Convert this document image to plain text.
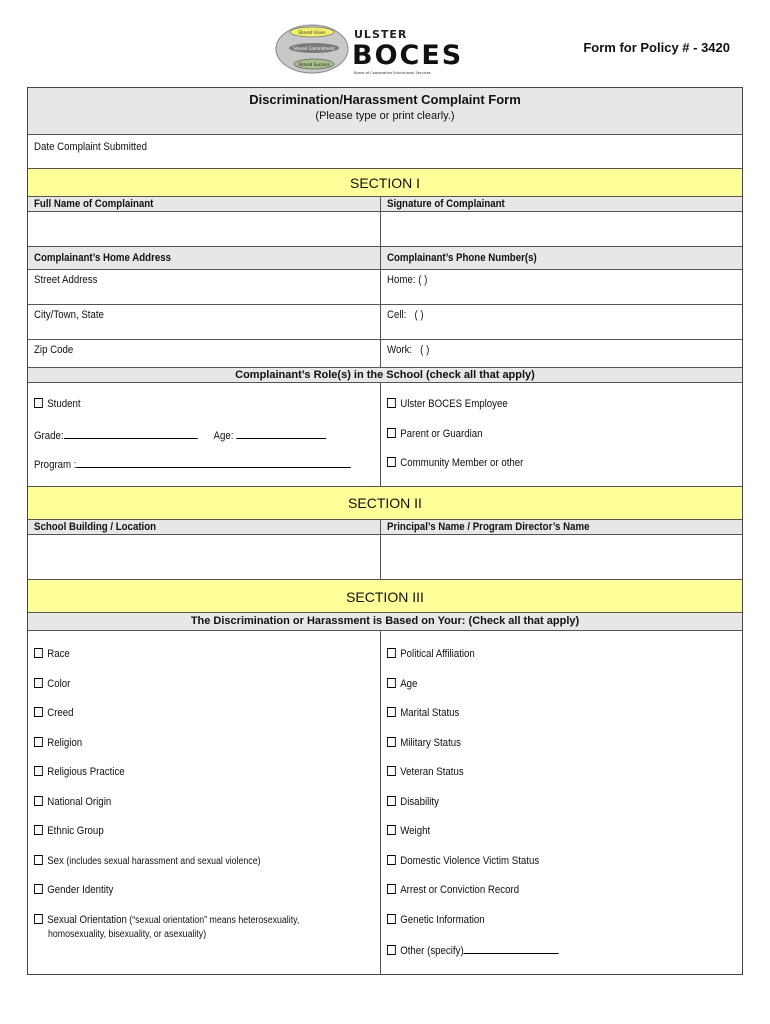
Shared Vision
Shared Commitment
Shared Success
ULSTER
BOCES
Board of Cooperative Educational Services
Form for Policy # - 3420
Discrimination/Harassment Complaint Form
(Please type or print clearly.)
Date Complaint Submitted
SECTION I
Full Name of Complainant	Signature of Complainant
Complainant’s Home Address	Complainant’s Phone Number(s)
Street Address	Home: ( )
City/Town, State	Cell: ( )
Zip Code	Work: ( )
Complainant’s Role(s) in the School (check all that apply)
Student
Grade:	Age:
Program :
Ulster BOCES Employee
Parent or Guardian
Community Member or other
SECTION II
School Building / Location	Principal’s Name / Program Director’s Name
SECTION III
The Discrimination or Harassment is Based on Your: (Check all that apply)
Race
Color
Creed
Religion
Religious Practice
National Origin
Ethnic Group
Sex (includes sexual harassment and sexual violence)
Gender Identity
Sexual Orientation (“sexual orientation” means heterosexuality,
homosexuality, bisexuality, or asexuality)
Political Affiliation
Age
Marital Status
Military Status
Veteran Status
Disability
Weight
Domestic Violence Victim Status
Arrest or Conviction Record
Genetic Information
Other (specify)
